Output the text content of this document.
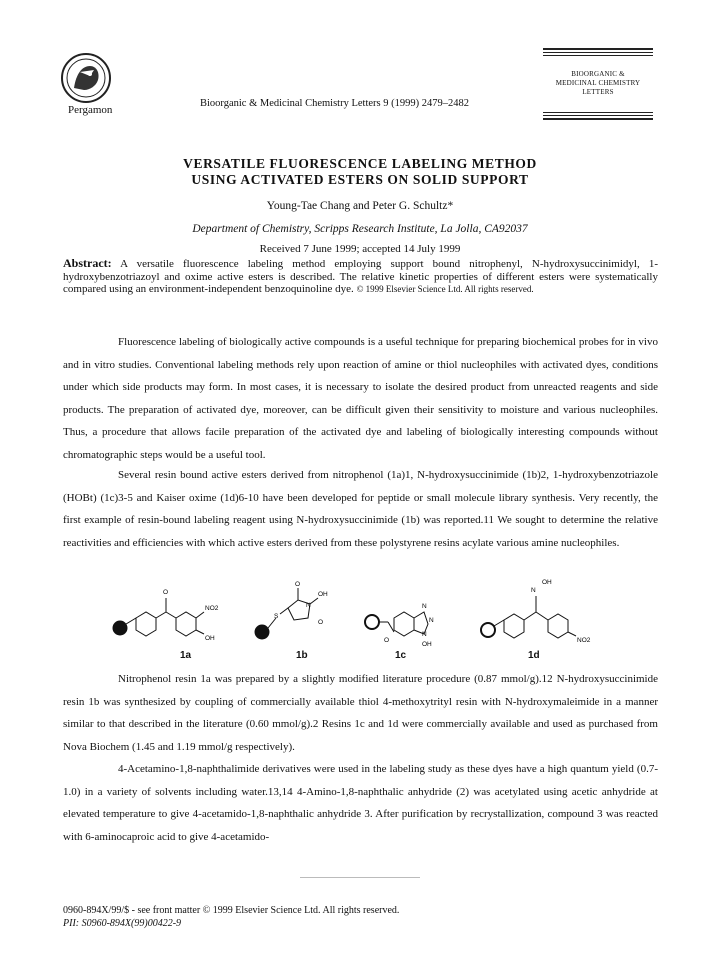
Pergamon
Bioorganic & Medicinal Chemistry Letters 9 (1999) 2479–2482
BIOORGANIC &
MEDICINAL CHEMISTRY
LETTERS
VERSATILE FLUORESCENCE LABELING METHOD
USING ACTIVATED ESTERS ON SOLID SUPPORT
Young-Tae Chang and Peter G. Schultz*
Department of Chemistry, Scripps Research Institute, La Jolla, CA92037
Received 7 June 1999; accepted 14 July 1999
Abstract: A versatile fluorescence labeling method employing support bound nitrophenyl, N-hydroxysuccinimidyl, 1-hydroxybenzotriazoyl and oxime active esters is described. The relative kinetic properties of different esters were systematically compared using an environment-independent benzoquinoline dye. © 1999 Elsevier Science Ltd. All rights reserved.
Fluorescence labeling of biologically active compounds is a useful technique for preparing biochemical probes for in vivo and in vitro studies. Conventional labeling methods rely upon reaction of amine or thiol nucleophiles with activated dyes, conditions under which side products may form. In most cases, it is necessary to isolate the desired product from unreacted reagents and side products. The preparation of activated dye, moreover, can be difficult given their sensitivity to moisture and various nucleophiles. Thus, a procedure that allows facile preparation of the activated dye and labeling of biologically interesting compounds without chromatographic steps would be a useful tool.
Several resin bound active esters derived from nitrophenol (1a)1, N-hydroxysuccinimide (1b)2, 1-hydroxybenzotriazole (HOBt) (1c)3-5 and Kaiser oxime (1d)6-10 have been developed for peptide or small molecule library synthesis. Very recently, the first example of resin-bound labeling reagent using N-hydroxysuccinimide (1b) was reported.11 We sought to determine the relative reactivities and efficiencies with which active esters derived from these polystyrene resins acylate various amine nucleophiles.
O
NO2
OH
O
OH
N
S
O
N
N
N
O
OH
OH
N
NO2
1a	1b	1c	1d
Nitrophenol resin 1a was prepared by a slightly modified literature procedure (0.87 mmol/g).12 N-hydroxysuccinimide resin 1b was synthesized by coupling of commercially available thiol 4-methoxytrityl resin with N-hydroxymaleimide in a manner similar to that described in the literature (0.60 mmol/g).2 Resins 1c and 1d were commercially available and used as purchased from Nova Biochem (1.45 and 1.19 mmol/g respectively).
4-Acetamino-1,8-naphthalimide derivatives were used in the labeling study as these dyes have a high quantum yield (0.7-1.0) in a variety of solvents including water.13,14 4-Amino-1,8-naphthalic anhydride (2) was acetylated using acetic anhydride at elevated temperature to give 4-acetamido-1,8-naphthalic anhydride 3. After purification by recrystallization, compound 3 was reacted with 6-aminocaproic acid to give 4-acetamido-
0960-894X/99/$ - see front matter © 1999 Elsevier Science Ltd. All rights reserved.
PII: S0960-894X(99)00422-9
